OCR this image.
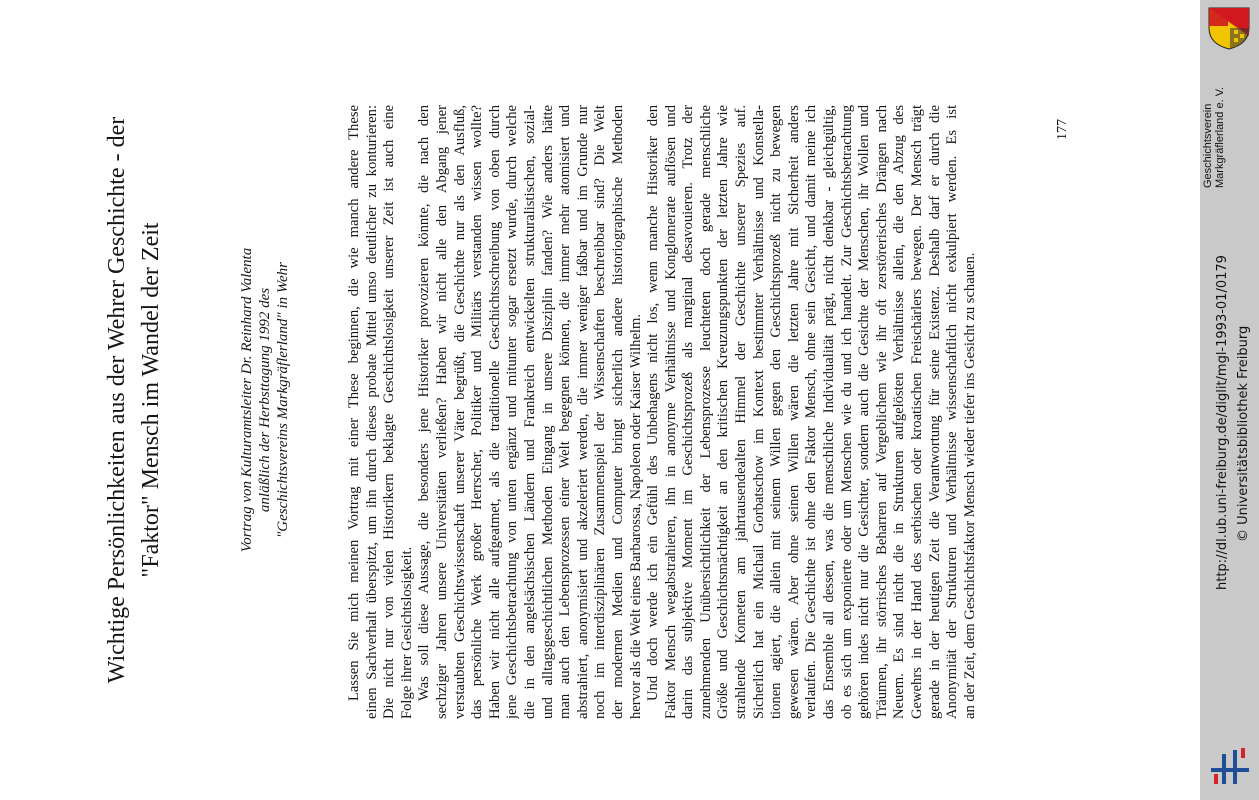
Wichtige Persönlichkeiten aus der Wehrer Geschichte - der "Faktor" Mensch im Wandel der Zeit	Vortrag von Kulturamtsleiter Dr. Reinhard Valenta anläßlich der Herbsttagung 1992 des "Geschichtsvereins Markgräflerland" in Wehr	Lassen Sie mich meinen Vortrag mit einer These beginnen, die wie manch andere These einen Sachverhalt überspitzt, um ihn durch dieses probate Mittel umso deutlicher zu konturieren: Die nicht nur von vielen Historikern beklagte Geschichtslosigkeit unserer Zeit ist auch eine Folge ihrer Gesichtslosigkeit. Was soll diese Aussage, die besonders jene Historiker provozieren könnte, die nach den sechziger Jahren unsere Universitäten verließen? Haben wir nicht alle den Abgang jener verstaubten Geschichtswissenschaft unserer Väter begrüßt, die Geschichte nur als den Ausfluß, das persönliche Werk großer Herrscher, Politiker und Militärs verstanden wissen wollte? Haben wir nicht alle aufgeatmet, als die traditionelle Geschichtsschreibung von oben durch jene Geschichtsbetrachtung von unten ergänzt und mitunter sogar ersetzt wurde, durch welche die in den angelsächsischen Ländern und Frankreich entwickelten strukturalistischen, sozial- und alltagsgeschichtlichen Methoden Eingang in unsere Disziplin fanden? Wie anders hätte man auch den Lebensprozessen einer Welt begegnen können, die immer mehr atomisiert und abstrahiert, anonymisiert und akzeleriert werden, die immer weniger faßbar und im Grunde nur noch im interdisziplinären Zusammenspiel der Wissenschaften beschreibbar sind? Die Welt der modernen Medien und Computer bringt sicherlich andere historiographische Methoden hervor als die Welt eines Barbarossa, Napoleon oder Kaiser Wilhelm. Und doch werde ich ein Gefühl des Unbehagens nicht los, wenn manche Historiker den Faktor Mensch wegabstrahieren, ihn in anonyme Verhältnisse und Konglomerate auflösen und darin das subjektive Moment im Geschichtsprozeß als marginal desavouieren. Trotz der zunehmenden Unübersichtlichkeit der Lebensprozesse leuchteten doch gerade menschliche Größe und Geschichtsmächtigkeit an den kritischen Kreuzungspunkten der letzten Jahre wie strahlende Kometen am jahrtausendealten Himmel der Geschichte unserer Spezies auf. Sicherlich hat ein Michail Gorbatschow im Kontext bestimmter Verhältnisse und Konstella- tionen agiert, die allein mit seinem Willen gegen den Geschichtsprozeß nicht zu bewegen gewesen wären. Aber ohne seinen Willen wären die letzten Jahre mit Sicherheit anders verlaufen. Die Geschichte ist ohne den Faktor Mensch, ohne sein Gesicht, und damit meine ich das Ensemble all dessen, was die menschliche Individualität prägt, nicht denkbar - gleichgültig, ob es sich um exponierte oder um Menschen wie du und ich handelt. Zur Geschichtsbetrachtung gehören indes nicht nur die Gesichter, sondern auch die Gesichte der Menschen, ihr Wollen und Träumen, ihr störrisches Beharren auf Vergeblichem wie ihr oft zerstörerisches Drängen nach Neuem. Es sind nicht die in Strukturen aufgelösten Verhältnisse allein, die den Abzug des Gewehrs in der Hand des serbischen oder kroatischen Freischärlers bewegen. Der Mensch trägt gerade in der heutigen Zeit die Verantwortung für seine Existenz. Deshalb darf er durch die Anonymität der Strukturen und Verhältnisse wissenschaftlich nicht exkulpiert werden. Es ist an der Zeit, dem Geschichtsfaktor Mensch wieder tiefer ins Gesicht zu schauen.
177	Geschichtsverein Markgräflerland e. V.
http://dl.ub.uni-freiburg.de/diglit/mgl-1993-01/0179 © Universitätsbibliothek Freiburg
